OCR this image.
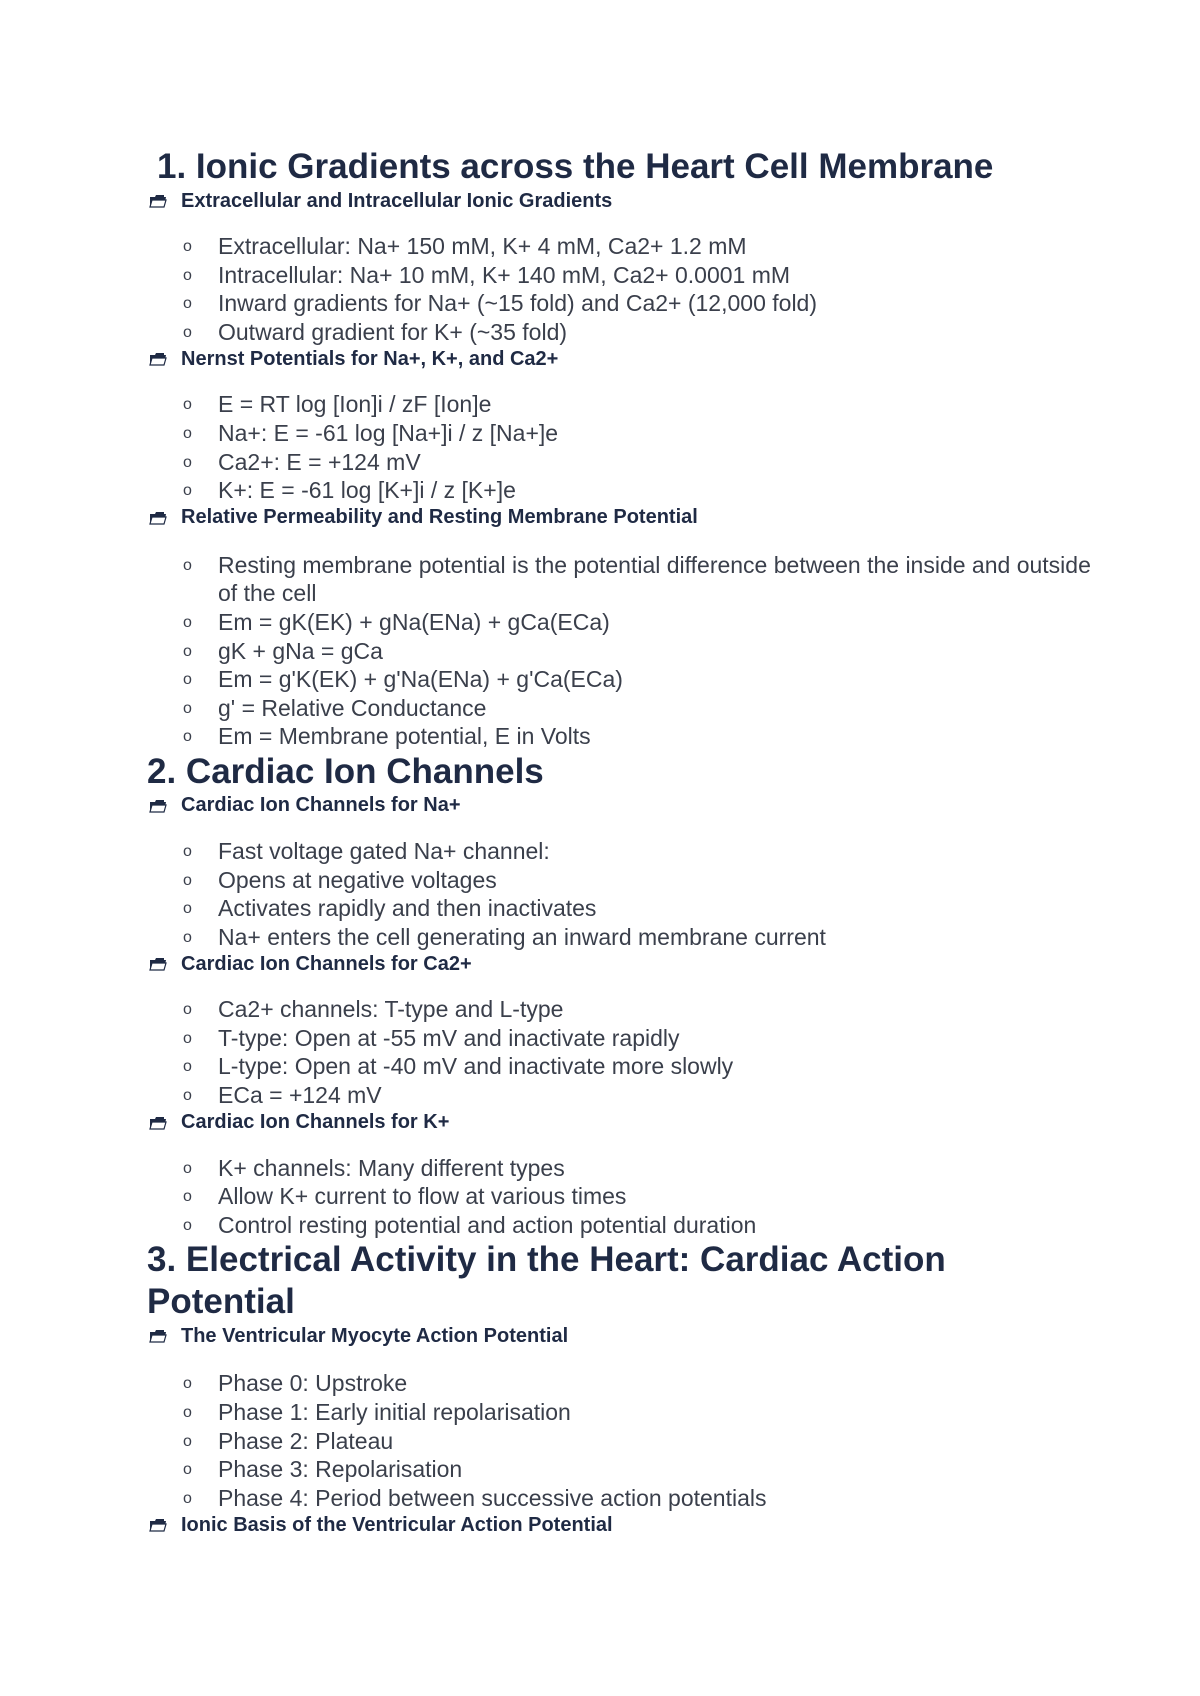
1. Ionic Gradients across the Heart Cell Membrane
Extracellular and Intracellular Ionic Gradients
o Extracellular: Na+ 150 mM, K+ 4 mM, Ca2+ 1.2 mM
o Intracellular: Na+ 10 mM, K+ 140 mM, Ca2+ 0.0001 mM
o Inward gradients for Na+ (~15 fold) and Ca2+ (12,000 fold)
o Outward gradient for K+ (~35 fold)
Nernst Potentials for Na+, K+, and Ca2+
o E = RT log [Ion]i / zF [Ion]e
o Na+: E = -61 log [Na+]i / z [Na+]e
o Ca2+: E = +124 mV
o K+: E = -61 log [K+]i / z [K+]e
Relative Permeability and Resting Membrane Potential
o Resting membrane potential is the potential difference between the inside and outside of the cell
o Em = gK(EK) + gNa(ENa) + gCa(ECa)
o gK + gNa = gCa
o Em = g'K(EK) + g'Na(ENa) + g'Ca(ECa)
o g' = Relative Conductance
o Em = Membrane potential, E in Volts
2. Cardiac Ion Channels
Cardiac Ion Channels for Na+
o Fast voltage gated Na+ channel:
o Opens at negative voltages
o Activates rapidly and then inactivates
o Na+ enters the cell generating an inward membrane current
Cardiac Ion Channels for Ca2+
o Ca2+ channels: T-type and L-type
o T-type: Open at -55 mV and inactivate rapidly
o L-type: Open at -40 mV and inactivate more slowly
o ECa = +124 mV
Cardiac Ion Channels for K+
o K+ channels: Many different types
o Allow K+ current to flow at various times
o Control resting potential and action potential duration
3. Electrical Activity in the Heart: Cardiac Action Potential
The Ventricular Myocyte Action Potential
o Phase 0: Upstroke
o Phase 1: Early initial repolarisation
o Phase 2: Plateau
o Phase 3: Repolarisation
o Phase 4: Period between successive action potentials
Ionic Basis of the Ventricular Action Potential
